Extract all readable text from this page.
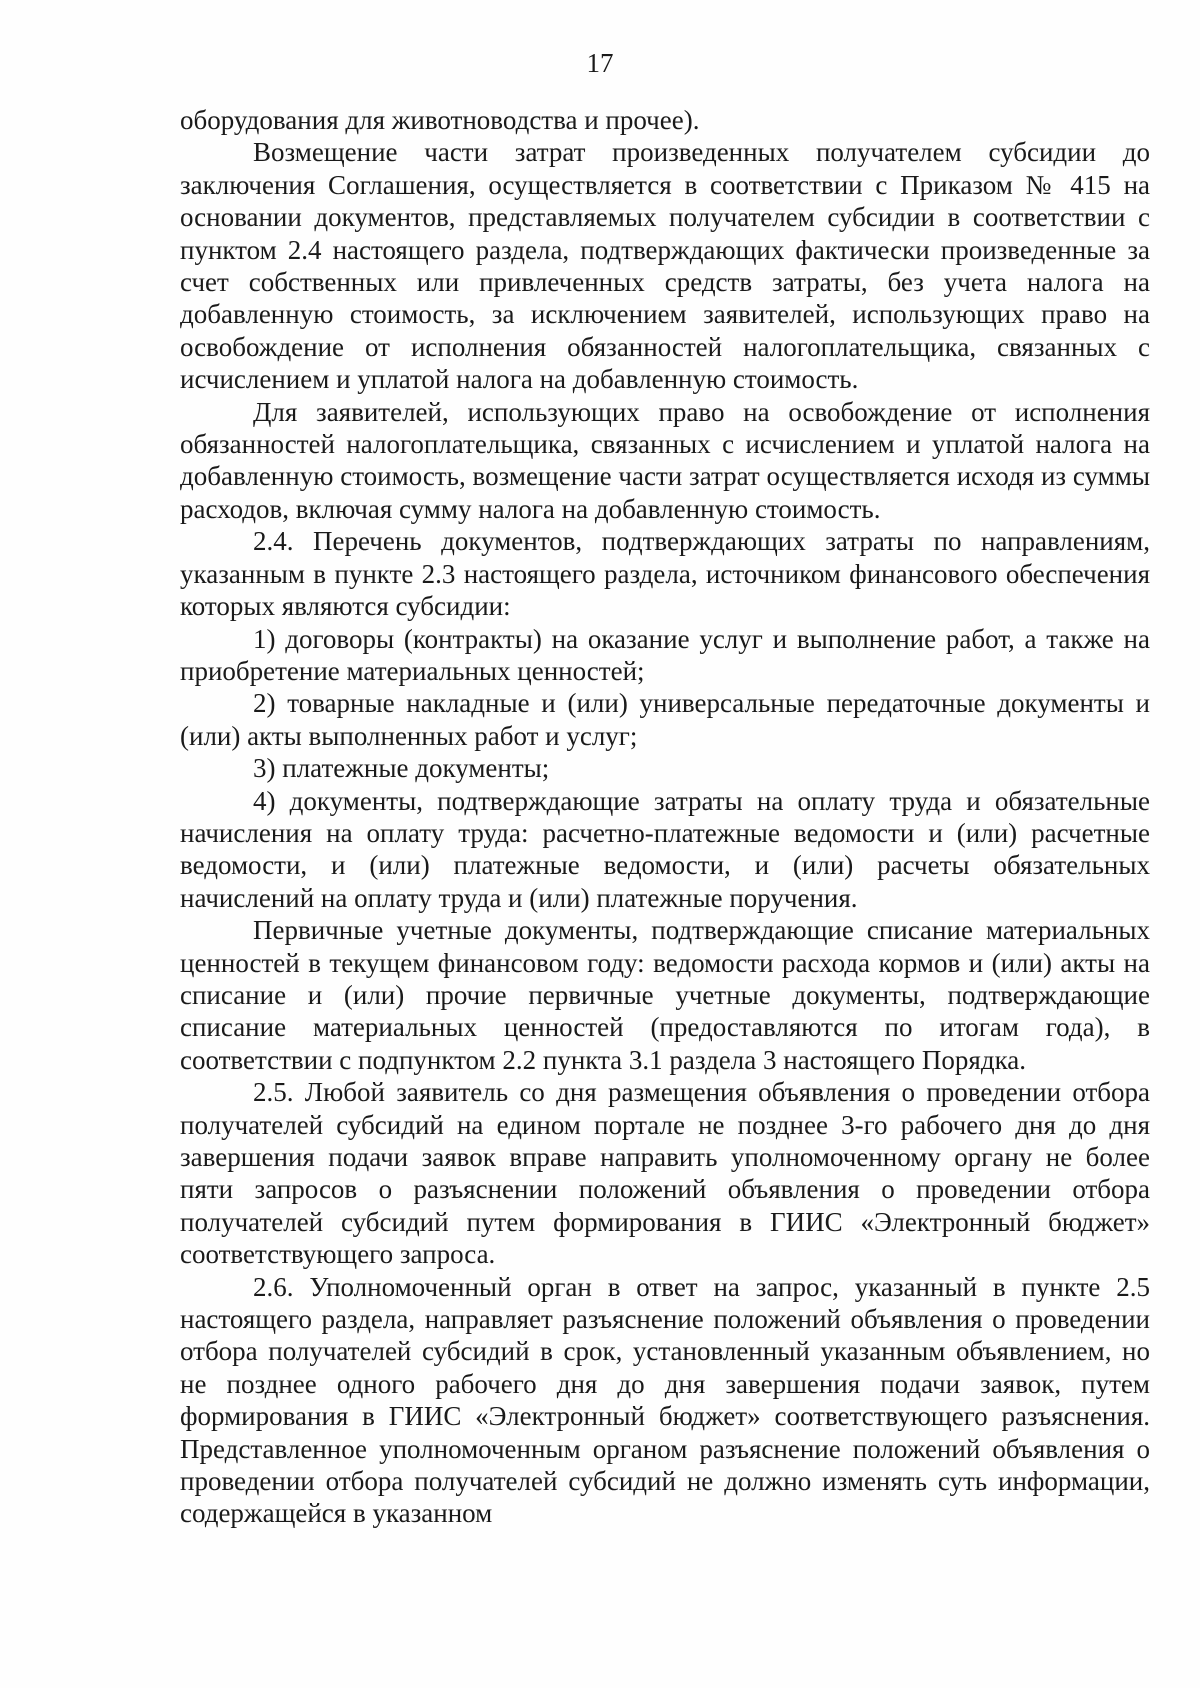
17

оборудования для животноводства и прочее).

Возмещение части затрат произведенных получателем субсидии до заключения Соглашения, осуществляется в соответствии с Приказом № 415 на основании документов, представляемых получателем субсидии в соответствии с пунктом 2.4 настоящего раздела, подтверждающих фактически произведенные за счет собственных или привлеченных средств затраты, без учета налога на добавленную стоимость, за исключением заявителей, использующих право на освобождение от исполнения обязанностей налогоплательщика, связанных с исчислением и уплатой налога на добавленную стоимость.

Для заявителей, использующих право на освобождение от исполнения обязанностей налогоплательщика, связанных с исчислением и уплатой налога на добавленную стоимость, возмещение части затрат осуществляется исходя из суммы расходов, включая сумму налога на добавленную стоимость.

2.4. Перечень документов, подтверждающих затраты по направлениям, указанным в пункте 2.3 настоящего раздела, источником финансового обеспечения которых являются субсидии:

1) договоры (контракты) на оказание услуг и выполнение работ, а также на приобретение материальных ценностей;

2) товарные накладные и (или) универсальные передаточные документы и (или) акты выполненных работ и услуг;

3) платежные документы;

4) документы, подтверждающие затраты на оплату труда и обязательные начисления на оплату труда: расчетно-платежные ведомости и (или) расчетные ведомости, и (или) платежные ведомости, и (или) расчеты обязательных начислений на оплату труда и (или) платежные поручения.

Первичные учетные документы, подтверждающие списание материальных ценностей в текущем финансовом году: ведомости расхода кормов и (или) акты на списание и (или) прочие первичные учетные документы, подтверждающие списание материальных ценностей (предоставляются по итогам года), в соответствии с подпунктом 2.2 пункта 3.1 раздела 3 настоящего Порядка.

2.5. Любой заявитель со дня размещения объявления о проведении отбора получателей субсидий на едином портале не позднее 3-го рабочего дня до дня завершения подачи заявок вправе направить уполномоченному органу не более пяти запросов о разъяснении положений объявления о проведении отбора получателей субсидий путем формирования в ГИИС «Электронный бюджет» соответствующего запроса.

2.6. Уполномоченный орган в ответ на запрос, указанный в пункте 2.5 настоящего раздела, направляет разъяснение положений объявления о проведении отбора получателей субсидий в срок, установленный указанным объявлением, но не позднее одного рабочего дня до дня завершения подачи заявок, путем формирования в ГИИС «Электронный бюджет» соответствующего разъяснения. Представленное уполномоченным органом разъяснение положений объявления о проведении отбора получателей субсидий не должно изменять суть информации, содержащейся в указанном
